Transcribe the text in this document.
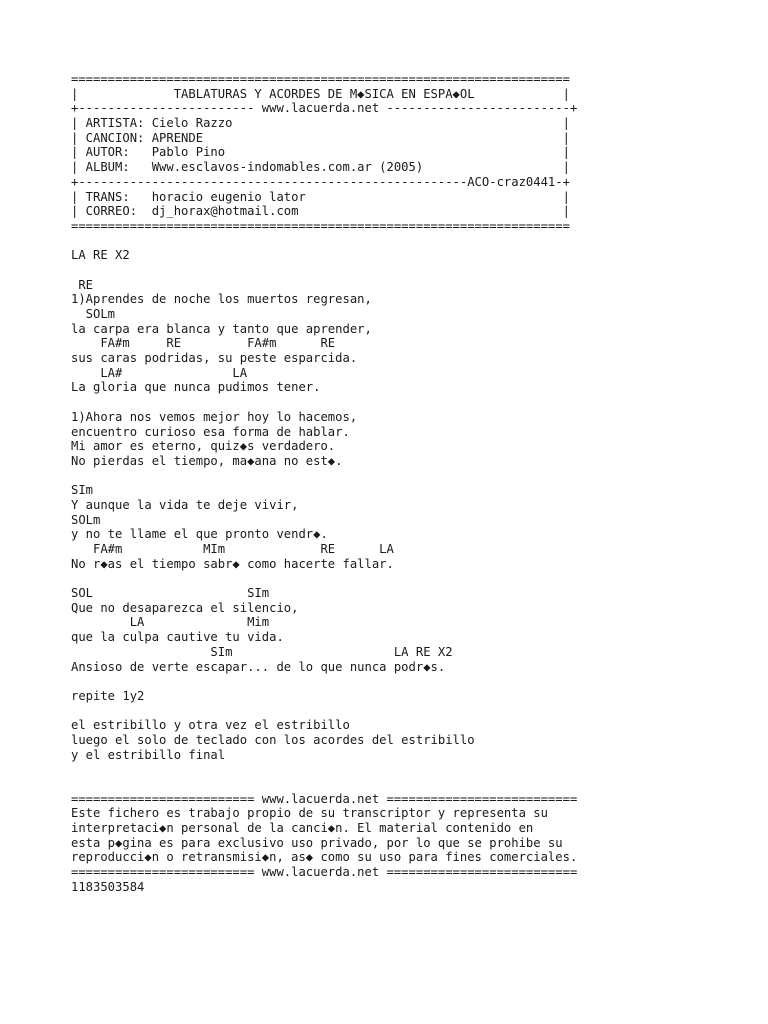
====================================================================
|             TABLATURAS Y ACORDES DE M◆SICA EN ESPA◆OL            |
+------------------------ www.lacuerda.net -------------------------+
| ARTISTA: Cielo Razzo                                             |
| CANCION: APRENDE                                                 |
| AUTOR:   Pablo Pino                                              |
| ALBUM:   Www.esclavos-indomables.com.ar (2005)                   |
+-----------------------------------------------------ACO-craz0441-+
| TRANS:   horacio eugenio lator                                   |
| CORREO:  dj_horax@hotmail.com                                    |
====================================================================
LA RE X2
RE
1)Aprendes de noche los muertos regresan,
SOLm
la carpa era blanca y tanto que aprender,
FA#m     RE         FA#m      RE
sus caras podridas, su peste esparcida.
LA#               LA
La gloria que nunca pudimos tener.
1)Ahora nos vemos mejor hoy lo hacemos,
encuentro curioso esa forma de hablar.
Mi amor es eterno, quiz◆s verdadero.
No pierdas el tiempo, ma◆ana no est◆.
SIm
Y aunque la vida te deje vivir,
SOLm
y no te llame el que pronto vendr◆.
FA#m           MIm             RE      LA
No r◆as el tiempo sabr◆ como hacerte fallar.
SOL                     SIm
Que no desaparezca el silencio,
LA              Mim
que la culpa cautive tu vida.
SIm                      LA RE X2
Ansioso de verte escapar... de lo que nunca podr◆s.
repite 1y2
el estribillo y otra vez el estribillo
luego el solo de teclado con los acordes del estribillo
y el estribillo final
========================= www.lacuerda.net ==========================
Este fichero es trabajo propio de su transcriptor y representa su
interpretaci◆n personal de la canci◆n. El material contenido en
esta p◆gina es para exclusivo uso privado, por lo que se prohibe su
reproducci◆n o retransmisi◆n, as◆ como su uso para fines comerciales.
========================= www.lacuerda.net ==========================
1183503584
